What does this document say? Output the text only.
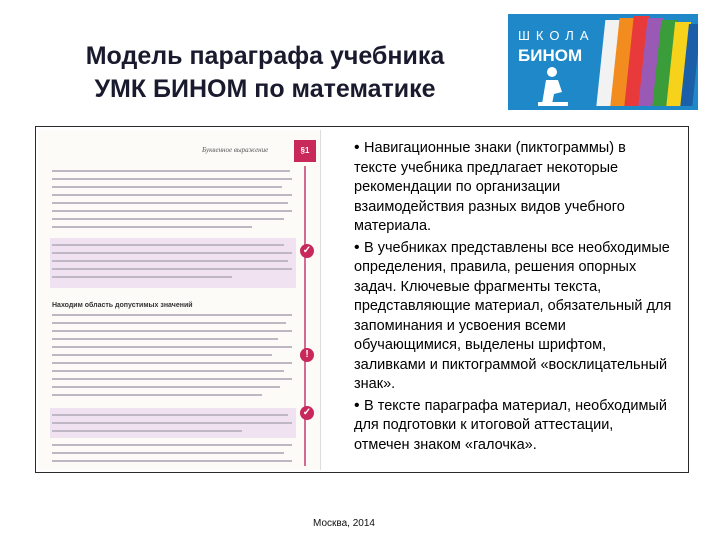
Модель параграфа учебника
УМК БИНОМ по математике
ШКОЛА
БИНОМ
Буквенное выражение	§1
Находим область допустимых значений
✓
!
✓

• Навигационные знаки (пиктограммы) в тексте учебника предлагает некоторые рекомендации по организации взаимодействия разных видов учебного материала.

• В учебниках представлены все необходимые определения, правила, решения опорных задач. Ключевые фрагменты текста, представляющие материал, обязательный для запоминания и усвоения всеми обучающимися, выделены шрифтом, заливками и пиктограммой «восклицательный знак».

• В тексте параграфа материал, необходимый для подготовки к итоговой аттестации, отмечен знаком «галочка».

Москва, 2014
